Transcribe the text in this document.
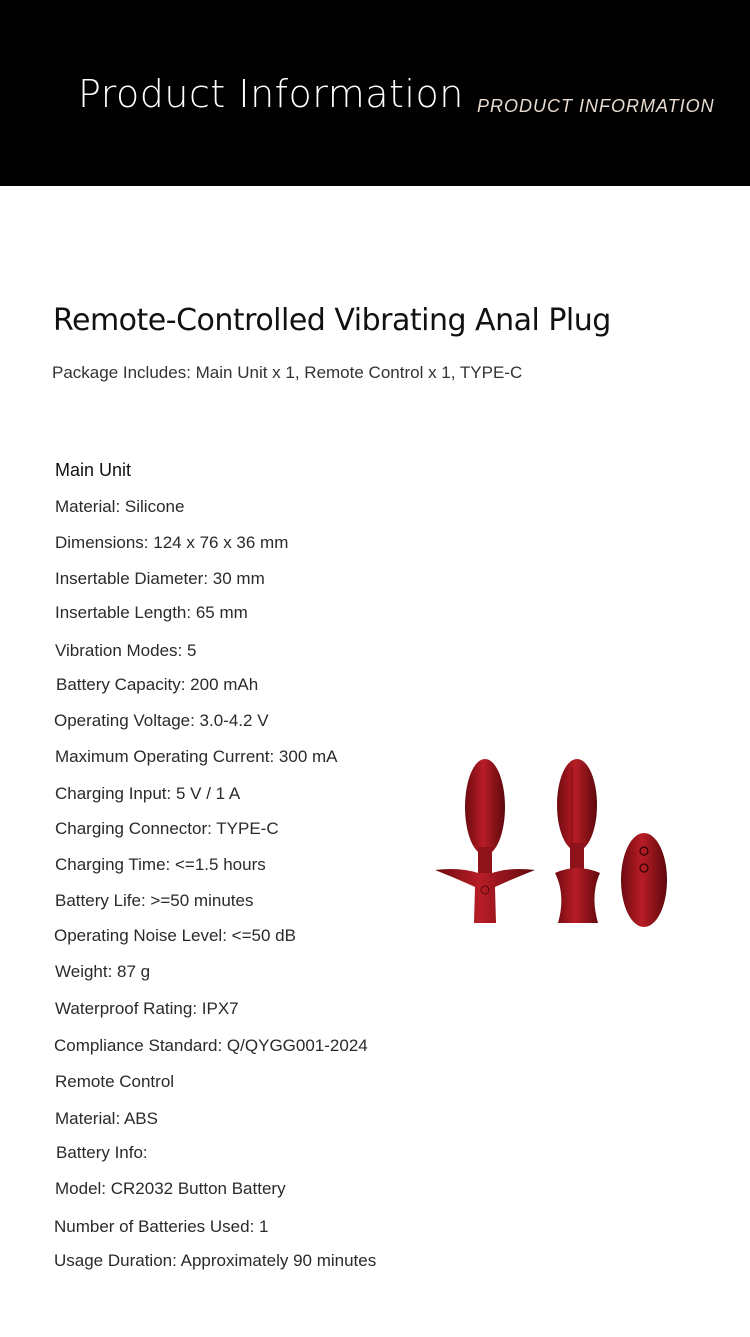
Product Information PRODUCT INFORMATION
Remote-Controlled Vibrating Anal Plug
Package Includes: Main Unit x 1, Remote Control x 1, TYPE-C
Main Unit
Material: Silicone
Dimensions: 124 x 76 x 36 mm
Insertable Diameter: 30 mm
Insertable Length: 65 mm
Vibration Modes: 5
Battery Capacity: 200 mAh
Operating Voltage: 3.0-4.2 V
Maximum Operating Current: 300 mA
Charging Input: 5 V / 1 A
Charging Connector: TYPE-C
Charging Time: <=1.5 hours
Battery Life: >=50 minutes
Operating Noise Level: <=50 dB
Weight: 87 g
Waterproof Rating: IPX7
Compliance Standard: Q/QYGG001-2024
Remote Control
Material: ABS
Battery Info:
Model: CR2032 Button Battery
Number of Batteries Used: 1
Usage Duration: Approximately 90 minutes
